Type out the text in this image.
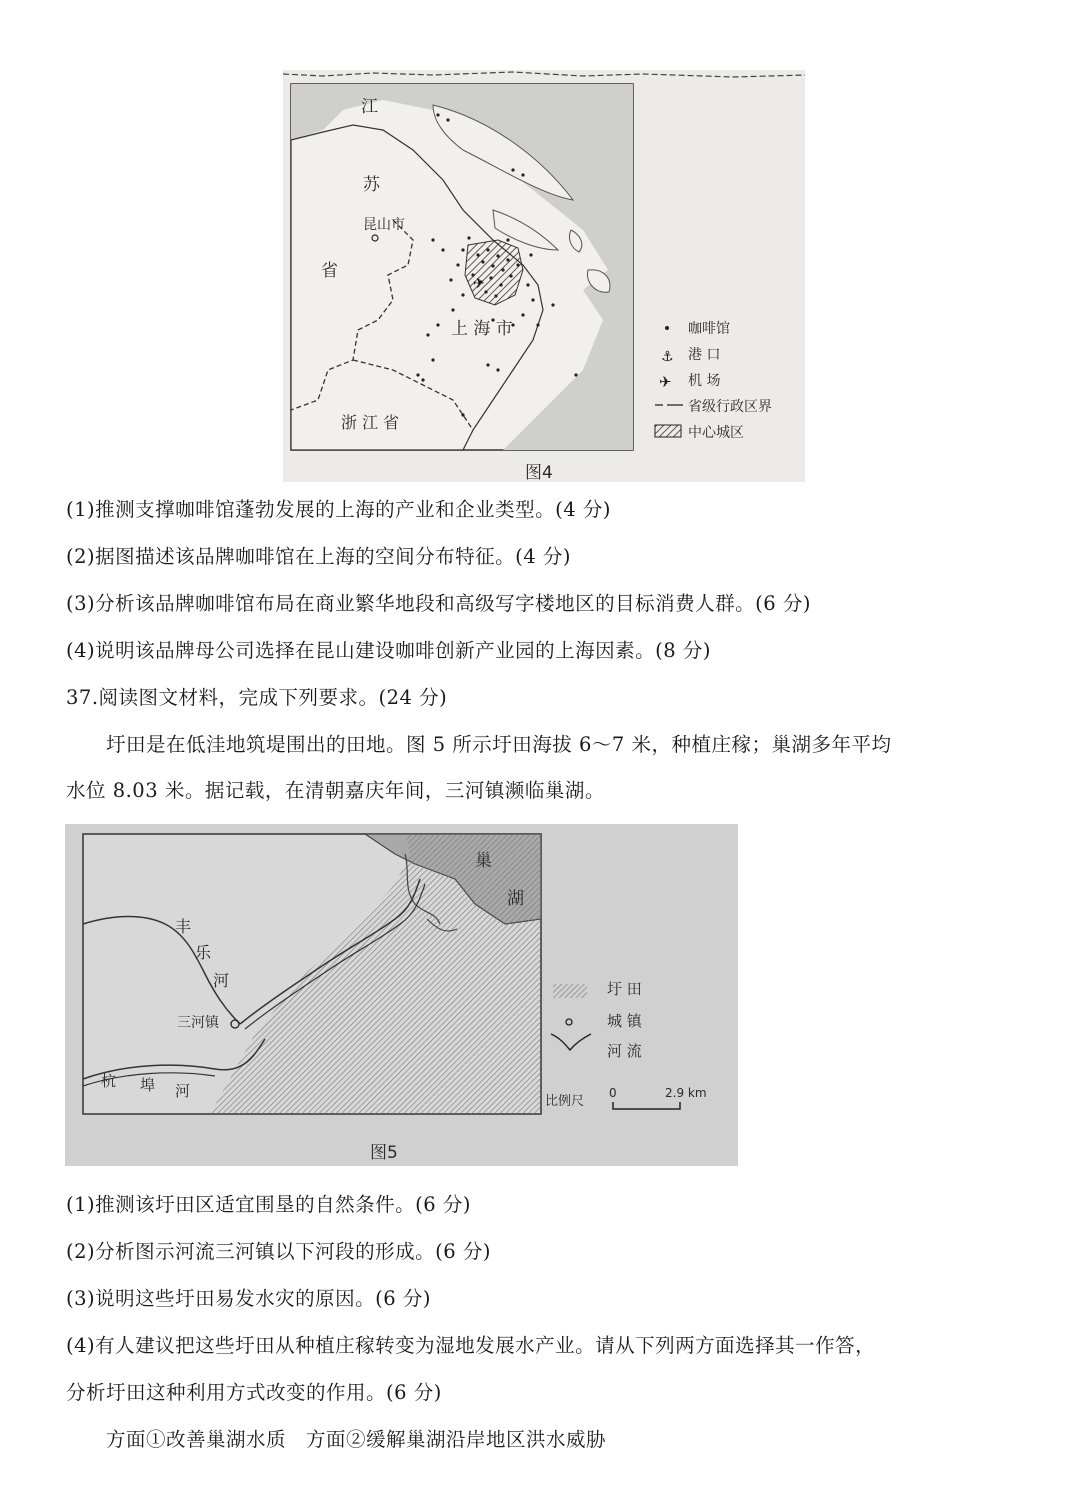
✈
⚓
✈
江
苏
省
昆山市
上 海 市
浙 江 省
咖啡馆
港 口
机 场
省级行政区界
中心城区
图4
(1)推测支撑咖啡馆蓬勃发展的上海的产业和企业类型。(4 分)
(2)据图描述该品牌咖啡馆在上海的空间分布特征。(4 分)
(3)分析该品牌咖啡馆布局在商业繁华地段和高级写字楼地区的目标消费人群。(6 分)
(4)说明该品牌母公司选择在昆山建设咖啡创新产业园的上海因素。(8 分)
37.阅读图文材料，完成下列要求。(24 分)
圩田是在低洼地筑堤围出的田地。图 5 所示圩田海拔 6～7 米，种植庄稼；巢湖多年平均
水位 8.03 米。据记载，在清朝嘉庆年间，三河镇濒临巢湖。
巢
湖
丰
乐
河
三河镇
杭 埠 河
圩 田
城 镇
河 流
比例尺
0	2.9 km
图5
(1)推测该圩田区适宜围垦的自然条件。(6 分)
(2)分析图示河流三河镇以下河段的形成。(6 分)
(3)说明这些圩田易发水灾的原因。(6 分)
(4)有人建议把这些圩田从种植庄稼转变为湿地发展水产业。请从下列两方面选择其一作答，
分析圩田这种利用方式改变的作用。(6 分)
方面①改善巢湖水质　方面②缓解巢湖沿岸地区洪水威胁
